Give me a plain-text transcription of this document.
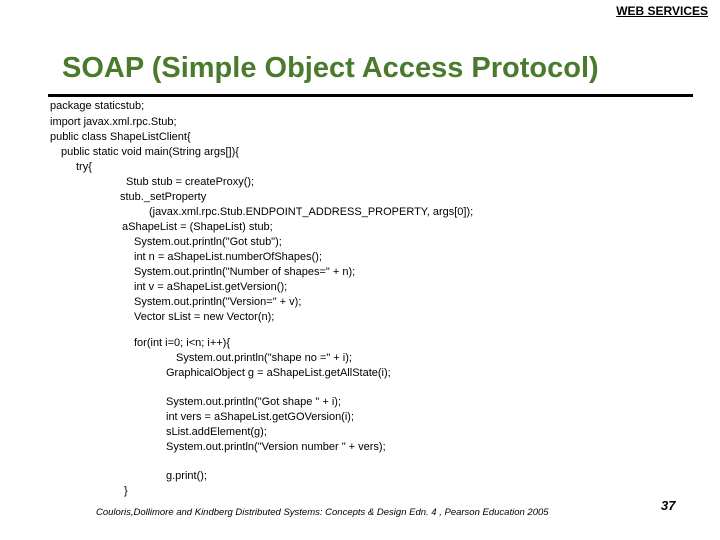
WEB SERVICES
SOAP (Simple Object Access Protocol)
package staticstub;
import javax.xml.rpc.Stub;
public class ShapeListClient{
public static void main(String args[]){
try{
Stub stub = createProxy();
stub._setProperty
(javax.xml.rpc.Stub.ENDPOINT_ADDRESS_PROPERTY, args[0]);
aShapeList = (ShapeList) stub;
System.out.println("Got stub");
int n = aShapeList.numberOfShapes();
System.out.println("Number of shapes=" + n);
int v = aShapeList.getVersion();
System.out.println("Version=" + v);
Vector sList = new Vector(n);
for(int i=0; i<n; i++){
System.out.println("shape no =" + i);
GraphicalObject g = aShapeList.getAllState(i);
System.out.println("Got shape " + i);
int vers = aShapeList.getGOVersion(i);
sList.addElement(g);
System.out.println("Version number " + vers);
g.print();
}
Couloris,Dollimore and Kindberg Distributed Systems: Concepts & Design Edn. 4 , Pearson Education 2005	37
